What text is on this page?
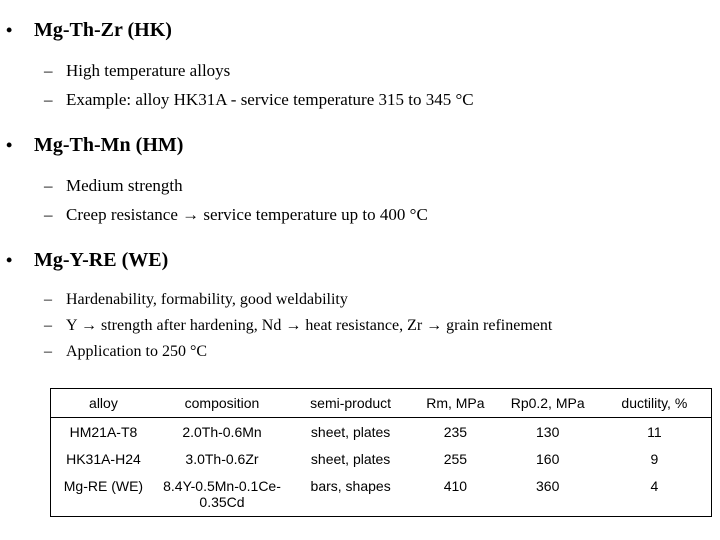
• Mg-Th-Zr (HK)
– High temperature alloys
– Example: alloy HK31A - service temperature 315 to 345 °C
• Mg-Th-Mn (HM)
– Medium strength
– Creep resistance → service temperature up to 400 °C
• Mg-Y-RE (WE)
– Hardenability, formability, good weldability
– Y → strength after hardening, Nd → heat resistance, Zr → grain refinement
– Application to 250 °C
alloy	composition	semi-product	Rm, MPa	Rp0.2, MPa	ductility, %
HM21A-T8	2.0Th-0.6Mn	sheet, plates	235	130	11
HK31A-H24	3.0Th-0.6Zr	sheet, plates	255	160	9
Mg-RE (WE)	8.4Y-0.5Mn-0.1Ce-0.35Cd	bars, shapes	410	360	4
